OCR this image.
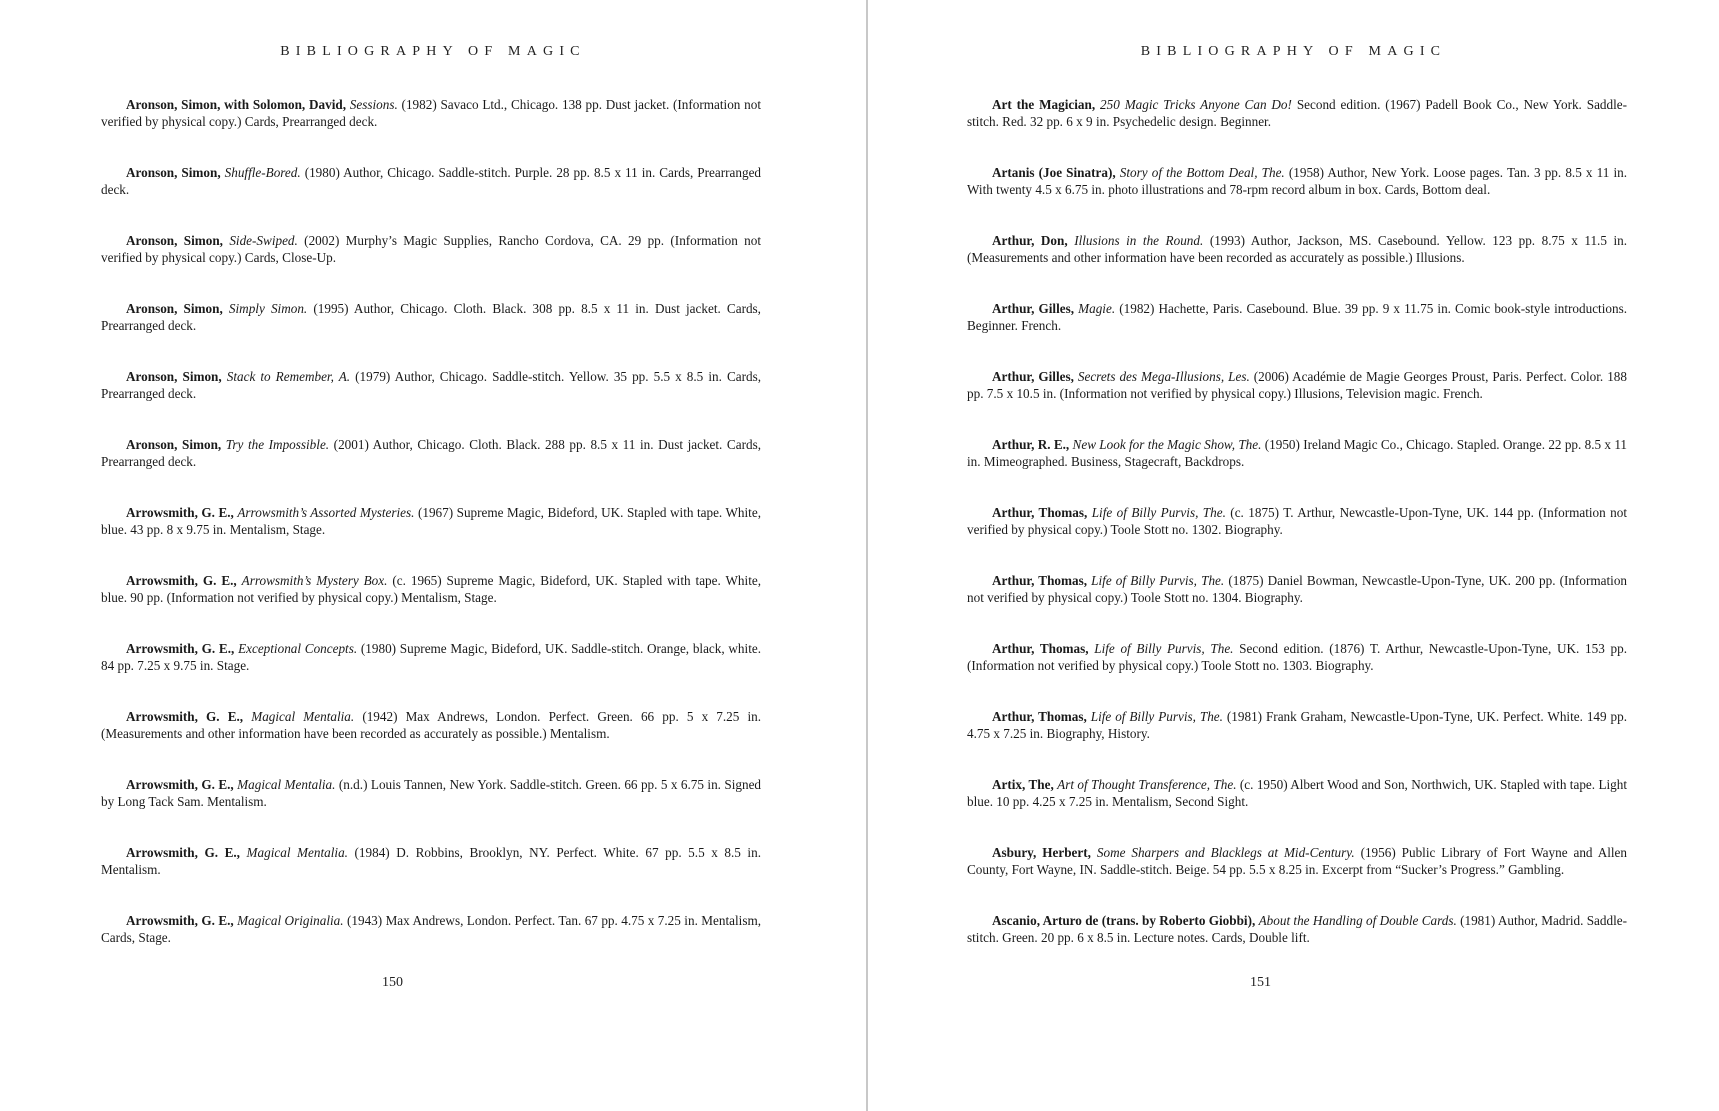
BIBLIOGRAPHY OF MAGIC
Aronson, Simon, with Solomon, David, Sessions. (1982) Savaco Ltd., Chicago. 138 pp. Dust jacket. (Information not verified by physical copy.) Cards, Prearranged deck.
Aronson, Simon, Shuffle-Bored. (1980) Author, Chicago. Saddle-stitch. Purple. 28 pp. 8.5 x 11 in. Cards, Prearranged deck.
Aronson, Simon, Side-Swiped. (2002) Murphy’s Magic Supplies, Rancho Cordova, CA. 29 pp. (Information not verified by physical copy.) Cards, Close-Up.
Aronson, Simon, Simply Simon. (1995) Author, Chicago. Cloth. Black. 308 pp. 8.5 x 11 in. Dust jacket. Cards, Prearranged deck.
Aronson, Simon, Stack to Remember, A. (1979) Author, Chicago. Saddle-stitch. Yellow. 35 pp. 5.5 x 8.5 in. Cards, Prearranged deck.
Aronson, Simon, Try the Impossible. (2001) Author, Chicago. Cloth. Black. 288 pp. 8.5 x 11 in. Dust jacket. Cards, Prearranged deck.
Arrowsmith, G. E., Arrowsmith’s Assorted Mysteries. (1967) Supreme Magic, Bideford, UK. Stapled with tape. White, blue. 43 pp. 8 x 9.75 in. Mentalism, Stage.
Arrowsmith, G. E., Arrowsmith’s Mystery Box. (c. 1965) Supreme Magic, Bideford, UK. Stapled with tape. White, blue. 90 pp. (Information not verified by physical copy.) Mentalism, Stage.
Arrowsmith, G. E., Exceptional Concepts. (1980) Supreme Magic, Bideford, UK. Saddle-stitch. Orange, black, white. 84 pp. 7.25 x 9.75 in. Stage.
Arrowsmith, G. E., Magical Mentalia. (1942) Max Andrews, London. Perfect. Green. 66 pp. 5 x 7.25 in. (Measurements and other information have been recorded as accurately as possible.) Mentalism.
Arrowsmith, G. E., Magical Mentalia. (n.d.) Louis Tannen, New York. Saddle-stitch. Green. 66 pp. 5 x 6.75 in. Signed by Long Tack Sam. Mentalism.
Arrowsmith, G. E., Magical Mentalia. (1984) D. Robbins, Brooklyn, NY. Perfect. White. 67 pp. 5.5 x 8.5 in. Mentalism.
Arrowsmith, G. E., Magical Originalia. (1943) Max Andrews, London. Perfect. Tan. 67 pp. 4.75 x 7.25 in. Mentalism, Cards, Stage.
150
BIBLIOGRAPHY OF MAGIC
Art the Magician, 250 Magic Tricks Anyone Can Do! Second edition. (1967) Padell Book Co., New York. Saddle-stitch. Red. 32 pp. 6 x 9 in. Psychedelic design. Beginner.
Artanis (Joe Sinatra), Story of the Bottom Deal, The. (1958) Author, New York. Loose pages. Tan. 3 pp. 8.5 x 11 in. With twenty 4.5 x 6.75 in. photo illustrations and 78-rpm record album in box. Cards, Bottom deal.
Arthur, Don, Illusions in the Round. (1993) Author, Jackson, MS. Casebound. Yellow. 123 pp. 8.75 x 11.5 in. (Measurements and other information have been recorded as accurately as possible.) Illusions.
Arthur, Gilles, Magie. (1982) Hachette, Paris. Casebound. Blue. 39 pp. 9 x 11.75 in. Comic book-style introductions. Beginner. French.
Arthur, Gilles, Secrets des Mega-Illusions, Les. (2006) Académie de Magie Georges Proust, Paris. Perfect. Color. 188 pp. 7.5 x 10.5 in. (Information not verified by physical copy.) Illusions, Television magic. French.
Arthur, R. E., New Look for the Magic Show, The. (1950) Ireland Magic Co., Chicago. Stapled. Orange. 22 pp. 8.5 x 11 in. Mimeographed. Business, Stagecraft, Backdrops.
Arthur, Thomas, Life of Billy Purvis, The. (c. 1875) T. Arthur, Newcastle-Upon-Tyne, UK. 144 pp. (Information not verified by physical copy.) Toole Stott no. 1302. Biography.
Arthur, Thomas, Life of Billy Purvis, The. (1875) Daniel Bowman, Newcastle-Upon-Tyne, UK. 200 pp. (Information not verified by physical copy.) Toole Stott no. 1304. Biography.
Arthur, Thomas, Life of Billy Purvis, The. Second edition. (1876) T. Arthur, Newcastle-Upon-Tyne, UK. 153 pp. (Information not verified by physical copy.) Toole Stott no. 1303. Biography.
Arthur, Thomas, Life of Billy Purvis, The. (1981) Frank Graham, Newcastle-Upon-Tyne, UK. Perfect. White. 149 pp. 4.75 x 7.25 in. Biography, History.
Artix, The, Art of Thought Transference, The. (c. 1950) Albert Wood and Son, Northwich, UK. Stapled with tape. Light blue. 10 pp. 4.25 x 7.25 in. Mentalism, Second Sight.
Asbury, Herbert, Some Sharpers and Blacklegs at Mid-Century. (1956) Public Library of Fort Wayne and Allen County, Fort Wayne, IN. Saddle-stitch. Beige. 54 pp. 5.5 x 8.25 in. Excerpt from “Sucker’s Progress.” Gambling.
Ascanio, Arturo de (trans. by Roberto Giobbi), About the Handling of Double Cards. (1981) Author, Madrid. Saddle-stitch. Green. 20 pp. 6 x 8.5 in. Lecture notes. Cards, Double lift.
151
